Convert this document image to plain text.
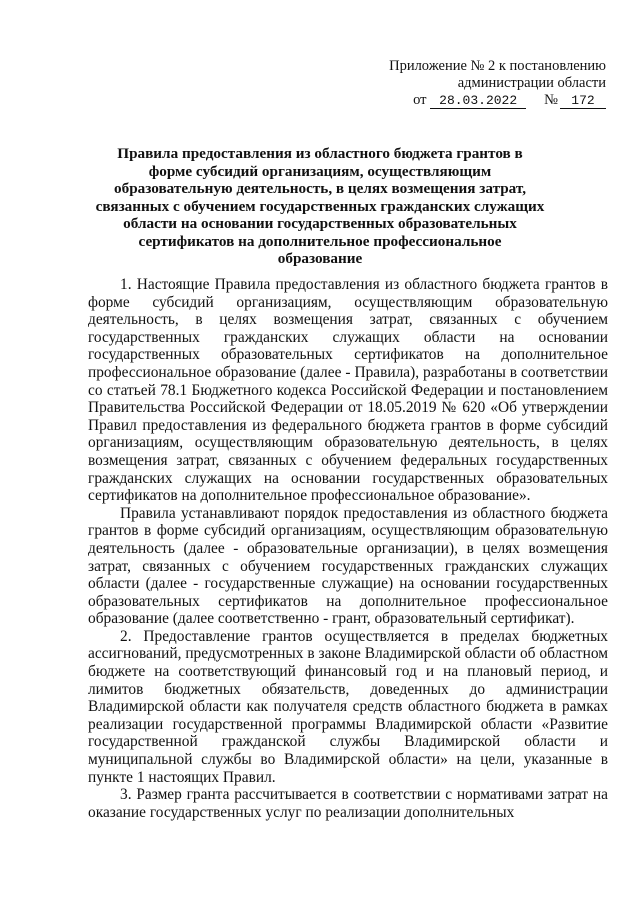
Приложение № 2 к постановлению
администрации области
от 28.03.2022 № 172
Правила предоставления из областного бюджета грантов в форме субсидий организациям, осуществляющим образовательную деятельность, в целях возмещения затрат, связанных с обучением государственных гражданских служащих области на основании государственных образовательных сертификатов на дополнительное профессиональное образование

1. Настоящие Правила предоставления из областного бюджета грантов в форме субсидий организациям, осуществляющим образовательную деятельность, в целях возмещения затрат, связанных с обучением государственных гражданских служащих области на основании государственных образовательных сертификатов на дополнительное профессиональное образование (далее - Правила), разработаны в соответствии со статьей 78.1 Бюджетного кодекса Российской Федерации и постановлением Правительства Российской Федерации от 18.05.2019 № 620 «Об утверждении Правил предоставления из федерального бюджета грантов в форме субсидий организациям, осуществляющим образовательную деятельность, в целях возмещения затрат, связанных с обучением федеральных государственных гражданских служащих на основании государственных образовательных сертификатов на дополнительное профессиональное образование».

Правила устанавливают порядок предоставления из областного бюджета грантов в форме субсидий организациям, осуществляющим образовательную деятельность (далее - образовательные организации), в целях возмещения затрат, связанных с обучением государственных гражданских служащих области (далее - государственные служащие) на основании государственных образовательных сертификатов на дополнительное профессиональное образование (далее соответственно - грант, образовательный сертификат).

2. Предоставление грантов осуществляется в пределах бюджетных ассигнований, предусмотренных в законе Владимирской области об областном бюджете на соответствующий финансовый год и на плановый период, и лимитов бюджетных обязательств, доведенных до администрации Владимирской области как получателя средств областного бюджета в рамках реализации государственной программы Владимирской области «Развитие государственной гражданской службы Владимирской области и муниципальной службы во Владимирской области» на цели, указанные в пункте 1 настоящих Правил.

3. Размер гранта рассчитывается в соответствии с нормативами затрат на оказание государственных услуг по реализации дополнительных
